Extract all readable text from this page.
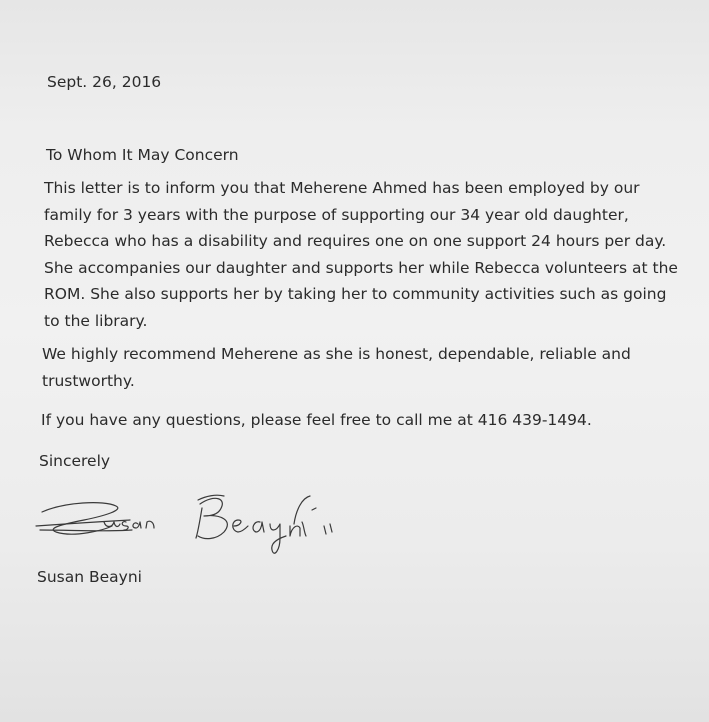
Sept. 26, 2016
To Whom It May Concern
This letter is to inform you that Meherene Ahmed has been employed by our
family for 3 years with the purpose of supporting our 34 year old daughter,
Rebecca who has a disability and requires one on one support 24 hours per day.
She accompanies our daughter and supports her while Rebecca volunteers at the
ROM. She also supports her by taking her to community activities such as going
to the library.
We highly recommend Meherene as she is honest, dependable, reliable and
trustworthy.
If you have any questions, please feel free to call me at 416 439-1494.
Sincerely
Susan Beayni
